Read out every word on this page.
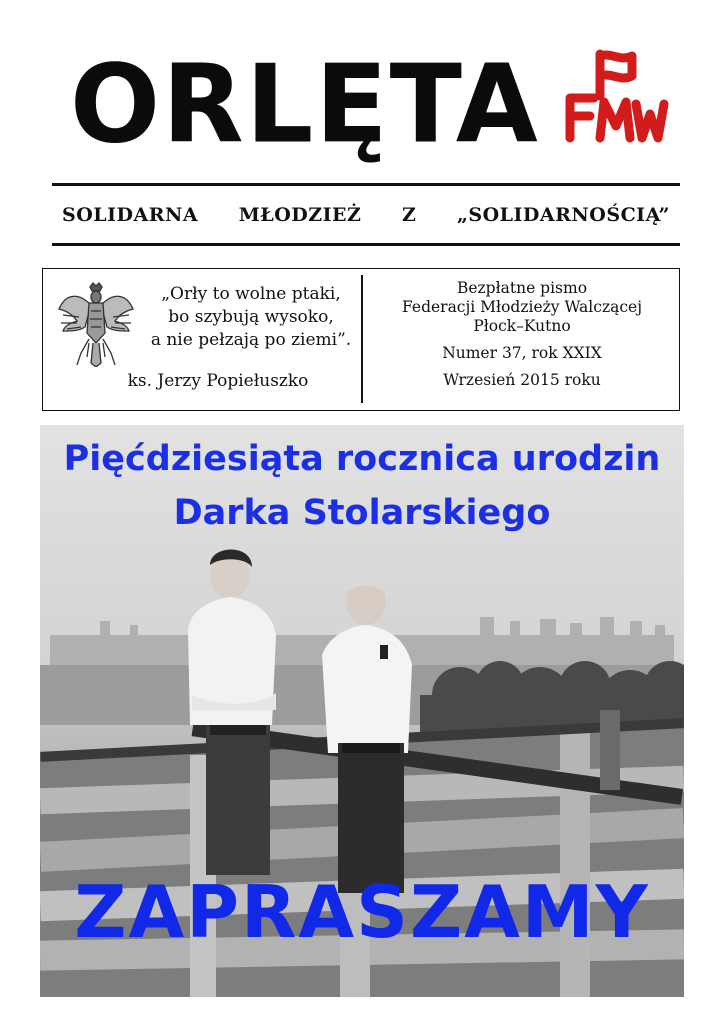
ORLĘTA
SOLIDARNA MŁODZIEŻ Z „SOLIDARNOŚCIĄ”
„Orły to wolne ptaki,
bo szybują wysoko,
a nie pełzają po ziemi”.
ks. Jerzy Popiełuszko
Bezpłatne pismo
Federacji Młodzieży Walczącej
Płock–Kutno
Numer 37, rok XXIX
Wrzesień 2015 roku
Pięćdziesiąta rocznica urodzin
Darka Stolarskiego
ZAPRASZAMY
